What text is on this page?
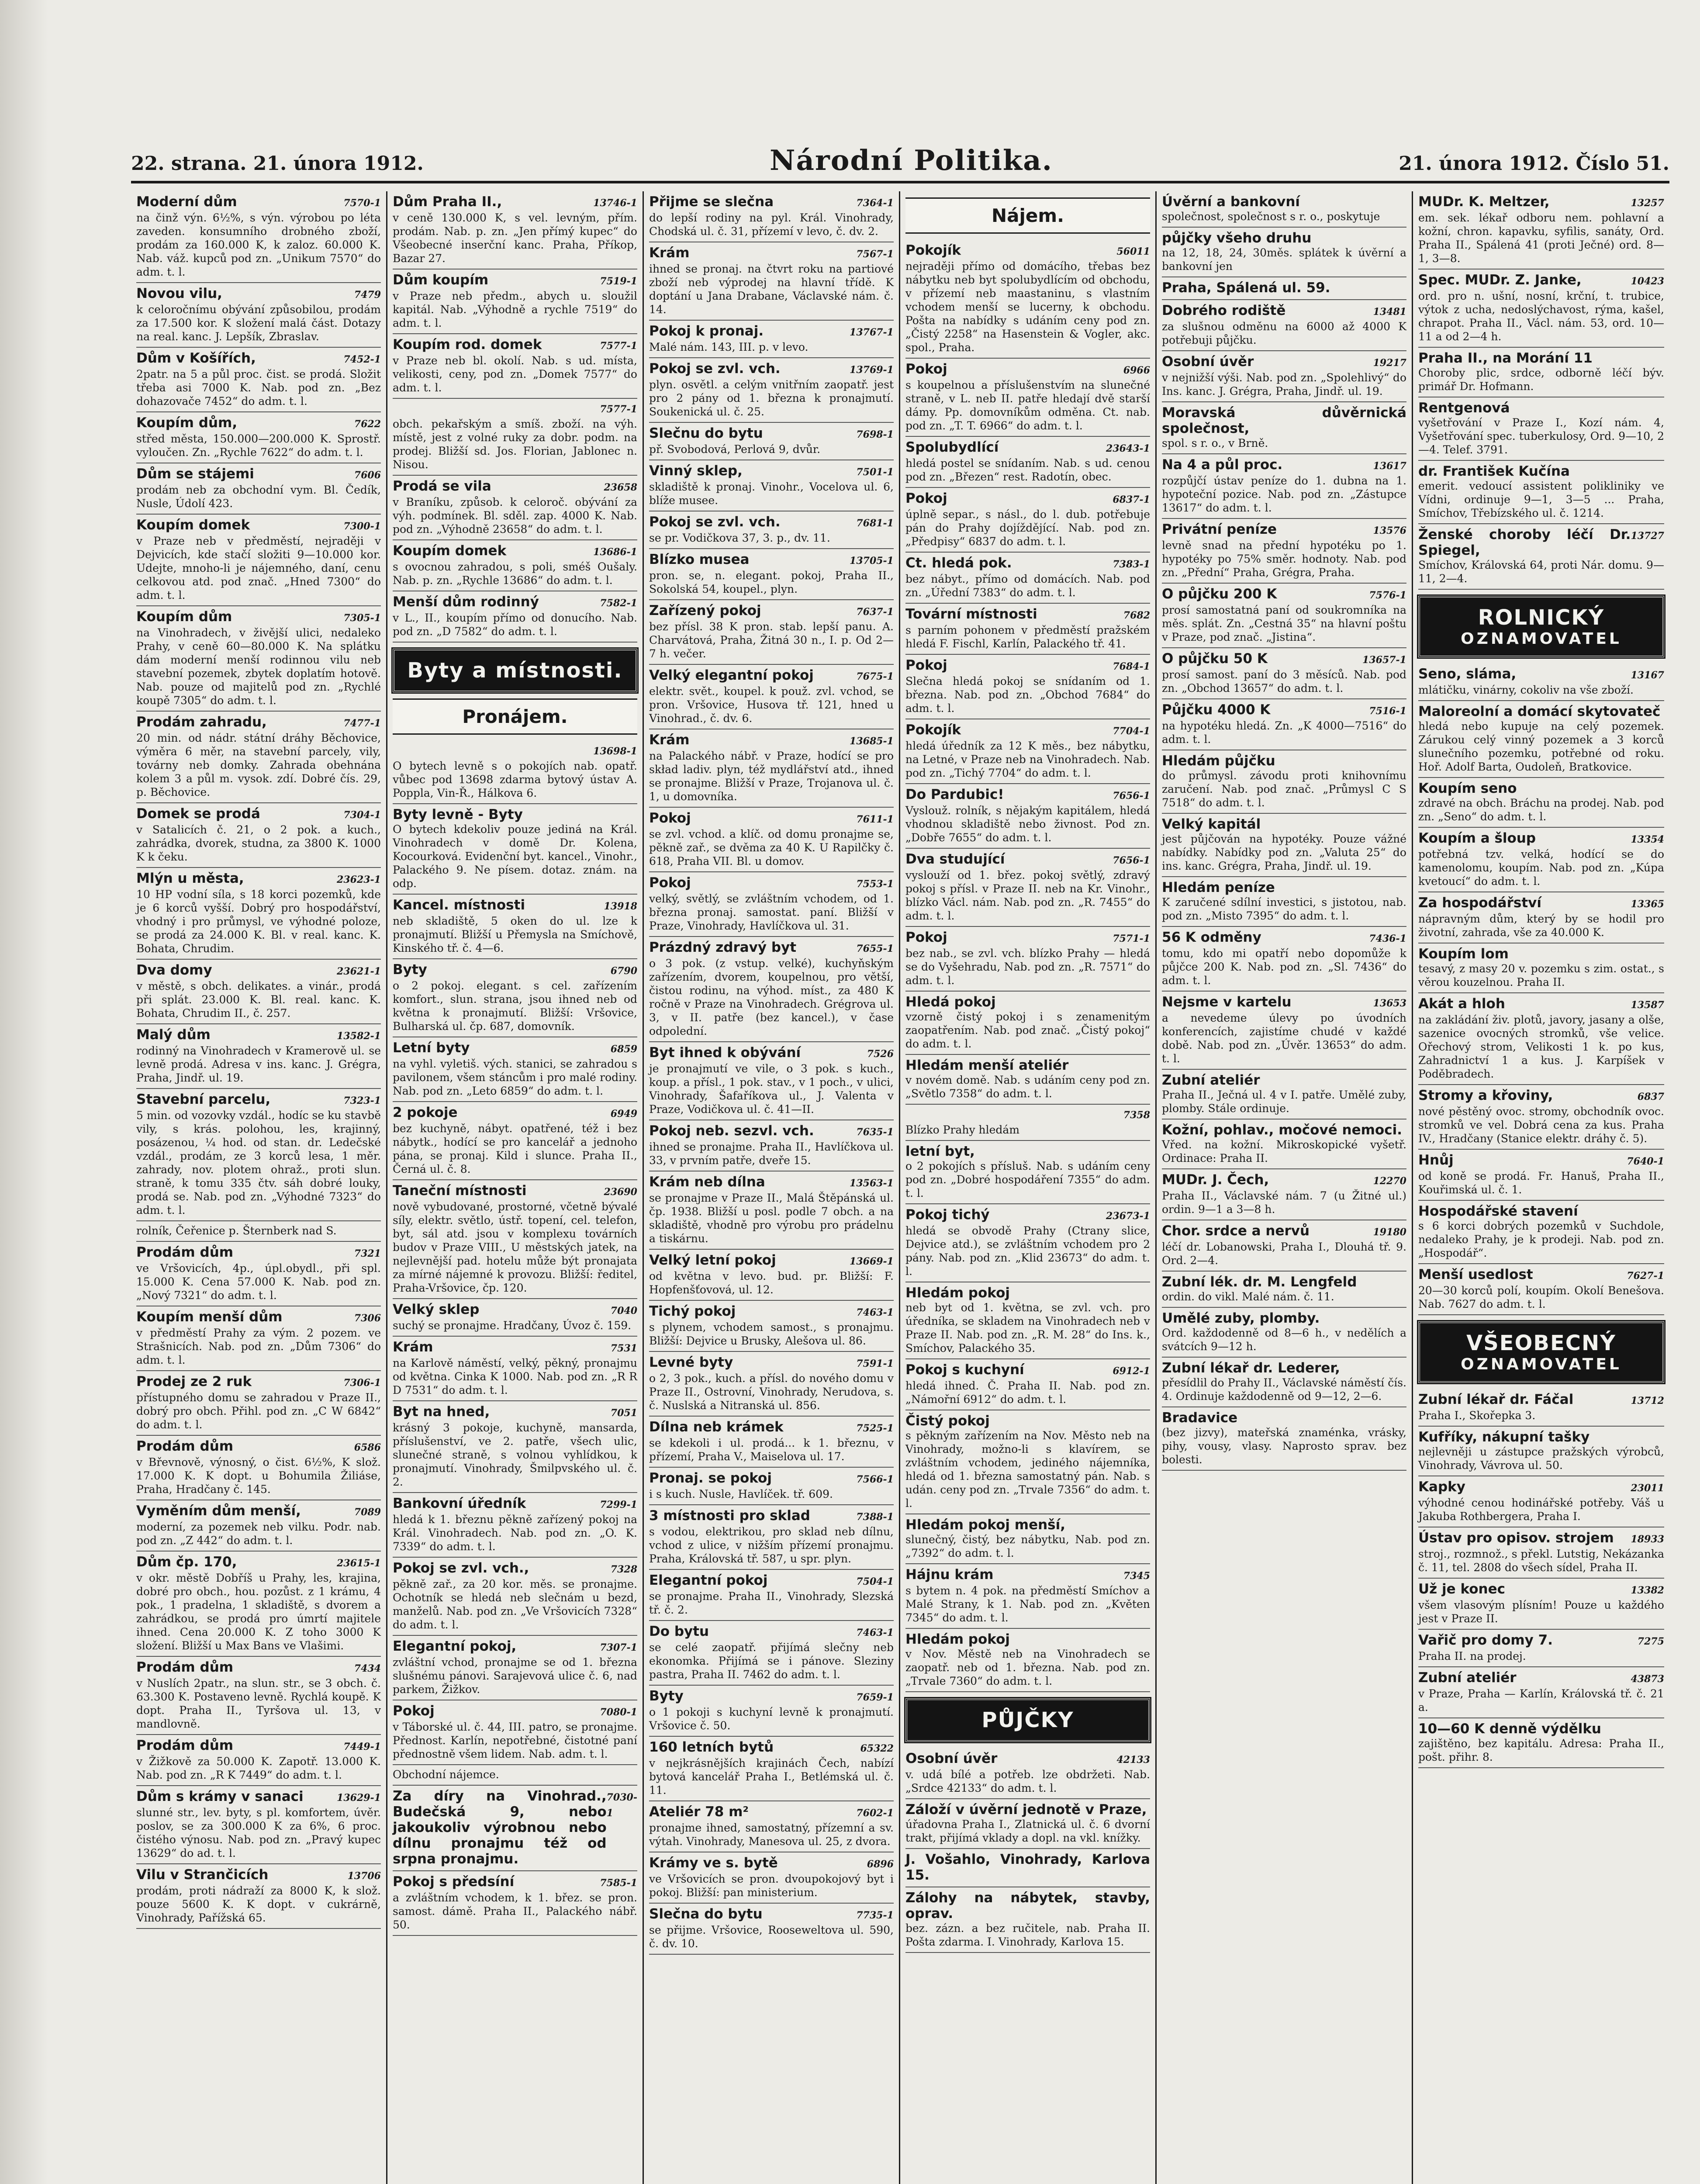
22. strana. 21. února 1912.	Národní Politika.	21. února 1912. Číslo 51.
Moderní dům	7570-1
na činž výn. 6½%, s výn. výrobou po léta zaveden. konsumního drobného zboží, prodám za 160.000 K, k zaloz. 60.000 K. Nab. váž. kupců pod zn. „Unikum 7570“ do adm. t. l.
Novou vilu,	7479
k celoročnímu obývání způsobilou, prodám za 17.500 kor. K složení malá část. Dotazy na real. kanc. J. Lepšík, Zbraslav.
Dům v Košířích,	7452-1
2patr. na 5 a půl proc. čist. se prodá. Složit třeba asi 7000 K. Nab. pod zn. „Bez dohazovače 7452“ do adm. t. l.
Koupím dům,	7622
střed města, 150.000—200.000 K. Sprostř. vyloučen. Zn. „Rychle 7622“ do adm. t. l.
Dům se stájemi	7606
prodám neb za obchodní vym. Bl. Čedík, Nusle, Údolí 423.
Koupím domek	7300-1
v Praze neb v předměstí, nejraději v Dejvicích, kde stačí složiti 9—10.000 kor. Udejte, mnoho-li je nájemného, daní, cenu celkovou atd. pod znač. „Hned 7300“ do adm. t. l.
Koupím dům	7305-1
na Vinohradech, v živější ulici, nedaleko Prahy, v ceně 60—80.000 K. Na splátku dám moderní menší rodinnou vilu neb stavební pozemek, zbytek doplatím hotově. Nab. pouze od majitelů pod zn. „Rychlé koupě 7305“ do adm. t. l.
Prodám zahradu,	7477-1
20 min. od nádr. státní dráhy Běchovice, výměra 6 měr, na stavební parcely, vily, továrny neb domky. Zahrada obehnána kolem 3 a půl m. vysok. zdí. Dobré čís. 29, p. Běchovice.
Domek se prodá	7304-1
v Satalicích č. 21, o 2 pok. a kuch., zahrádka, dvorek, studna, za 3800 K. 1000 K k čeku.
Mlýn u města,	23623-1
10 HP vodní síla, s 18 korci pozemků, kde je 6 korců vyšší. Dobrý pro hospodářství, vhodný i pro průmysl, ve výhodné poloze, se prodá za 24.000 K. Bl. v real. kanc. K. Bohata, Chrudim.
Dva domy	23621-1
v městě, s obch. delikates. a vinár., prodá při splát. 23.000 K. Bl. real. kanc. K. Bohata, Chrudim II., č. 257.
Malý dům	13582-1
rodinný na Vinohradech v Kramerově ul. se levně prodá. Adresa v ins. kanc. J. Grégra, Praha, Jindř. ul. 19.
Stavební parcelu,	7323-1
5 min. od vozovky vzdál., hodíc se ku stavbě vily, s krás. polohou, les, krajinný, posázenou, ¼ hod. od stan. dr. Ledečské vzdál., prodám, ze 3 korců lesa, 1 měr. zahrady, nov. plotem ohraž., proti slun. straně, k tomu 335 čtv. sáh dobré louky, prodá se. Nab. pod zn. „Výhodné 7323“ do adm. t. l.
rolník, Čeřenice p. Šternberk nad S.
Prodám dům	7321
ve Vršovicích, 4p., úpl.obydl., při spl. 15.000 K. Cena 57.000 K. Nab. pod zn. „Nový 7321“ do adm. t. l.
Koupím menší dům	7306
v předměstí Prahy za vým. 2 pozem. ve Strašnicích. Nab. pod zn. „Dům 7306“ do adm. t. l.
Prodej ze 2 ruk	7306-1
přístupného domu se zahradou v Praze II., dobrý pro obch. Přihl. pod zn. „C W 6842“ do adm. t. l.
Prodám dům	6586
v Břevnově, výnosný, o čist. 6½%, K slož. 17.000 K. K dopt. u Bohumila Žiliáse, Praha, Hradčany č. 145.
Vyměním dům menší,	7089
moderní, za pozemek neb vilku. Podr. nab. pod zn. „Z 442“ do adm. t. l.
Dům čp. 170,	23615-1
v okr. městě Dobříš u Prahy, les, krajina, dobré pro obch., hou. pozůst. z 1 krámu, 4 pok., 1 pradelna, 1 skladiště, s dvorem a zahrádkou, se prodá pro úmrtí majitele ihned. Cena 20.000 K. Z toho 3000 K složení. Bližší u Max Bans ve Vlašimi.
Prodám dům	7434
v Nuslích 2patr., na slun. str., se 3 obch. č. 63.300 K. Postaveno levně. Rychlá koupě. K dopt. Praha II., Tyršova ul. 13, v mandlovně.
Prodám dům	7449-1
v Žižkově za 50.000 K. Zapotř. 13.000 K. Nab. pod zn. „R K 7449“ do adm. t. l.
Dům s krámy v sanaci	13629-1
slunné str., lev. byty, s pl. komfortem, úvěr. poslov, se za 300.000 K za 6%, 6 proc. čistého výnosu. Nab. pod zn. „Pravý kupec 13629“ do ad. t. l.
Vilu v Strančicích	13706
prodám, proti nádraží za 8000 K, k slož. pouze 5600 K. K dopt. v cukrárně, Vinohrady, Pařížská 65.
Dům Praha II.,	13746-1
v ceně 130.000 K, s vel. levným, přím. prodám. Nab. p. zn. „Jen přímý kupec“ do Všeobecné inserční kanc. Praha, Příkop, Bazar 27.
Dům koupím	7519-1
v Praze neb předm., abych u. sloužil kapitál. Nab. „Výhodně a rychle 7519“ do adm. t. l.
Koupím rod. domek	7577-1
v Praze neb bl. okolí. Nab. s ud. místa, velikosti, ceny, pod zn. „Domek 7577“ do adm. t. l.
7577-1
obch. pekařským a smíš. zboží. na výh. místě, jest z volné ruky za dobr. podm. na prodej. Bližší sd. Jos. Florian, Jablonec n. Nisou.
Prodá se vila	23658
v Braníku, způsob. k celoroč. obývání za výh. podmínek. Bl. sděl. zap. 4000 K. Nab. pod zn. „Výhodně 23658“ do adm. t. l.
Koupím domek	13686-1
s ovocnou zahradou, s poli, sméš Oušaly. Nab. p. zn. „Rychle 13686“ do adm. t. l.
Menší dům rodinný	7582-1
v L., II., koupím přímo od donucího. Nab. pod zn. „D 7582“ do adm. t. l.
Byty a místnosti.
Pronájem.
13698-1
O bytech levně s o pokojích nab. opatř. vůbec pod 13698 zdarma bytový ústav A. Poppla, Vin-Ř., Hálkova 6.
Byty levně - Byty
O bytech kdekoliv pouze jediná na Král. Vinohradech v domě Dr. Kolena, Kocourková. Evidenční byt. kancel., Vinohr., Palackého 9. Ne písem. dotaz. znám. na odp.
Kancel. místnosti	13918
neb skladiště, 5 oken do ul. lze k pronajmutí. Bližší u Přemysla na Smíchově, Kinského tř. č. 4—6.
Byty	6790
o 2 pokoj. elegant. s cel. zařízením komfort., slun. strana, jsou ihned neb od května k pronajmutí. Bližší: Vršovice, Bulharská ul. čp. 687, domovník.
Letní byty	6859
na vyhl. vyletiš. vých. stanici, se zahradou s pavilonem, všem stáncům i pro malé rodiny. Nab. pod zn. „Leto 6859“ do adm. t. l.
2 pokoje	6949
bez kuchyně, nábyt. opatřené, též i bez nábytk., hodící se pro kancelář a jednoho pána, se pronaj. Kild i slunce. Praha II., Černá ul. č. 8.
Taneční místnosti	23690
nově vybudované, prostorné, včetně bývalé síly, elektr. světlo, ústř. topení, cel. telefon, byt, sál atd. jsou v komplexu továrních budov v Praze VIII., U městských jatek, na nejlevnější pad. hotelu může být pronajata za mírné nájemné k provozu. Bližší: ředitel, Praha-Vršovice, čp. 120.
Velký sklep	7040
suchý se pronajme. Hradčany, Úvoz č. 159.
Krám	7531
na Karlově náměstí, velký, pěkný, pronajmu od května. Cinka K 1000. Nab. pod zn. „R R D 7531“ do adm. t. l.
Byt na hned,	7051
krásný 3 pokoje, kuchyně, mansarda, příslušenství, ve 2. patře, všech ulic, slunečné straně, s volnou vyhlídkou, k pronajmutí. Vinohrady, Šmilpvského ul. č. 2.
Bankovní úředník	7299-1
hledá k 1. březnu pěkně zařízený pokoj na Král. Vinohradech. Nab. pod zn. „O. K. 7339“ do adm. t. l.
Pokoj se zvl. vch.,	7328
pěkně zař., za 20 kor. měs. se pronajme. Ochotník se hledá neb slečnám u bezd, manželů. Nab. pod zn. „Ve Vršovicích 7328“ do adm. t. l.
Elegantní pokoj,	7307-1
zvláštní vchod, pronajme se od 1. března slušnému pánovi. Sarajevová ulice č. 6, nad parkem, Žižkov.
Pokoj	7080-1
v Táborské ul. č. 44, III. patro, se pronajme. Přednost. Karlín, nepotřebné, čistotné paní přednostně všem lidem. Nab. adm. t. l.
Obchodní nájemce.
Za díry na Vinohrad., Budečská 9, nebo jakoukoliv výrobnou nebo dílnu pronajmu též od srpna pronajmu.
7030-1
Pokoj s předsíní	7585-1
a zvláštním vchodem, k 1. břez. se pron. samost. dámě. Praha II., Palackého nábř. 50.
Přijme se slečna	7364-1
do lepší rodiny na pyl. Král. Vinohrady, Chodská ul. č. 31, přízemí v levo, č. dv. 2.
Krám	7567-1
ihned se pronaj. na čtvrt roku na partiové zboží neb výprodej na hlavní třídě. K doptání u Jana Drabane, Václavské nám. č. 14.
Pokoj k pronaj.	13767-1
Malé nám. 143, III. p. v levo.
Pokoj se zvl. vch.	13769-1
plyn. osvětl. a celým vnitřním zaopatř. jest pro 2 pány od 1. března k pronajmutí. Soukenická ul. č. 25.
Slečnu do bytu	7698-1
př. Svobodová, Perlová 9, dvůr.
Vinný sklep,	7501-1
skladiště k pronaj. Vinohr., Vocelova ul. 6, blíže musee.
Pokoj se zvl. vch.	7681-1
se pr. Vodičkova 37, 3. p., dv. 11.
Blízko musea	13705-1
pron. se, n. elegant. pokoj, Praha II., Sokolská 54, koupel., plyn.
Zařízený pokoj	7637-1
bez přísl. 38 K pron. stab. lepší panu. A. Charvátová, Praha, Žitná 30 n., I. p. Od 2—7 h. večer.
Velký elegantní pokoj	7675-1
elektr. svět., koupel. k použ. zvl. vchod, se pron. Vršovice, Husova tř. 121, hned u Vinohrad., č. dv. 6.
Krám	13685-1
na Palackého nábř. v Praze, hodící se pro skład ladiv. plyn, též mydlářství atd., ihned se pronajme. Bližší v Praze, Trojanova ul. č. 1, u domovníka.
Pokoj	7611-1
se zvl. vchod. a klíč. od domu pronajme se, pěkně zař., se dvěma za 40 K. U Rapilčky č. 618, Praha VII. Bl. u domov.
Pokoj	7553-1
velký, světlý, se zvláštním vchodem, od 1. března pronaj. samostat. paní. Bližší v Praze, Vinohrady, Havlíčkova ul. 31.
Prázdný zdravý byt	7655-1
o 3 pok. (z vstup. velké), kuchyňským zařízením, dvorem, koupelnou, pro větší, čistou rodinu, na výhod. míst., za 480 K ročně v Praze na Vinohradech. Grégrova ul. 3, v II. patře (bez kancel.), v čase odpolední.
Byt ihned k obývání	7526
je pronajmutí ve vile, o 3 pok. s kuch., koup. a přísl., 1 pok. stav., v 1 poch., v ulici, Vinohrady, Šafaříkova ul., J. Valenta v Praze, Vodičkova ul. č. 41—II.
Pokoj neb. sezvl. vch.	7635-1
ihned se pronajme. Praha II., Havlíčkova ul. 33, v prvním patře, dveře 15.
Krám neb dílna	13563-1
se pronajme v Praze II., Malá Štěpánská ul. čp. 1938. Bližší u posl. podle 7 obch. a na skladiště, vhodně pro výrobu pro prádelnu a tiskárnu.
Velký letní pokoj	13669-1
od května v levo. bud. pr. Bližší: F. Hopfenšťovová, ul. 12.
Tichý pokoj	7463-1
s plynem, vchodem samost., s pronajmu. Bližší: Dejvice u Brusky, Alešova ul. 86.
Levné byty	7591-1
o 2, 3 pok., kuch. a přísl. do nového domu v Praze II., Ostrovní, Vinohrady, Nerudova, s. č. Nuslská a Nitranská ul. 856.
Dílna neb krámek	7525-1
se kdekoli i ul. prodá... k 1. březnu, v přízemí, Praha V., Maiselova ul. 17.
Pronaj. se pokoj	7566-1
i s kuch. Nusle, Havlíček. tř. 609.
3 místnosti pro sklad	7388-1
s vodou, elektrikou, pro sklad neb dílnu, vchod z ulice, v nižším přízemí pronajmu. Praha, Královská tř. 587, u spr. plyn.
Elegantní pokoj	7504-1
se pronajme. Praha II., Vinohrady, Slezská tř. č. 2.
Do bytu	7463-1
se celé zaopatř. přijímá slečny neb ekonomka. Přijímá se i pánove. Sleziny pastra, Praha II. 7462 do adm. t. l.
Byty	7659-1
o 1 pokoji s kuchyní levně k pronajmutí. Vršovice č. 50.
160 letních bytů	65322
v nejkrásnějších krajinách Čech, nabízí bytová kancelář Praha I., Betlémská ul. č. 11.
Ateliér 78 m²	7602-1
pronajme ihned, samostatný, přízemní a sv. výtah. Vinohrady, Manesova ul. 25, z dvora.
Krámy ve s. bytě	6896
ve Vršovicích se pron. dvoupokojový byt i pokoj. Bližší: pan ministerium.
Slečna do bytu	7735-1
se přijme. Vršovice, Rooseweltova ul. 590, č. dv. 10.
Nájem.
Pokojík	56011
nejraději přímo od domácího, třebas bez nábytku neb byt spolubydlícím od obchodu, v přízemí neb maastaninu, s vlastním vchodem menší se lucerny, k obchodu. Pošta na nabídky s udáním ceny pod zn. „Čistý 2258“ na Hasenstein & Vogler, akc. spol., Praha.
Pokoj	6966
s koupelnou a příslušenstvím na slunečné straně, v L. neb II. patře hledají dvě starší dámy. Pp. domovníkům odměna. Ct. nab. pod zn. „T. T. 6966“ do adm. t. l.
Spolubydlící	23643-1
hledá postel se snídaním. Nab. s ud. cenou pod zn. „Březen“ rest. Radotín, obec.
Pokoj	6837-1
úplně separ., s násl., do l. dub. potřebuje pán do Prahy dojíždějící. Nab. pod zn. „Předpisy“ 6837 do adm. t. l.
Ct. hledá pok.	7383-1
bez nábyt., přímo od domácích. Nab. pod zn. „Úřední 7383“ do adm. t. l.
Tovární místnosti	7682
s parním pohonem v předměstí pražském hledá F. Fischl, Karlín, Palackého tř. 41.
Pokoj	7684-1
Slečna hledá pokoj se snídaním od 1. března. Nab. pod zn. „Obchod 7684“ do adm. t. l.
Pokojík	7704-1
hledá úředník za 12 K měs., bez nábytku, na Letné, v Praze neb na Vinohradech. Nab. pod zn. „Tichý 7704“ do adm. t. l.
Do Pardubic!	7656-1
Vyslouž. rolník, s nějakým kapitálem, hledá vhodnou skladiště nebo živnost. Pod zn. „Dobře 7655“ do adm. t. l.
Dva studující	7656-1
vyslouží od 1. břez. pokoj světlý, zdravý pokoj s přísl. v Praze II. neb na Kr. Vinohr., blízko Václ. nám. Nab. pod zn. „R. 7455“ do adm. t. l.
Pokoj	7571-1
bez nab., se zvl. vch. blízko Prahy — hledá se do Vyšehradu, Nab. pod zn. „R. 7571“ do adm. t. l.
Hledá pokoj
vzorně čistý pokoj i s zenamenitým zaopatřením. Nab. pod znač. „Čistý pokoj“ do adm. t. l.
Hledám menší ateliér
v novém domě. Nab. s udáním ceny pod zn. „Světlo 7358“ do adm. t. l.
7358
Blízko Prahy hledám
letní byt,
o 2 pokojích s přísluš. Nab. s udáním ceny pod zn. „Dobré hospodáření 7355“ do adm. t. l.
Pokoj tichý	23673-1
hledá se obvodě Prahy (Ctrany slice, Dejvice atd.), se zvláštním vchodem pro 2 pány. Nab. pod zn. „Klid 23673“ do adm. t. l.
Hledám pokoj
neb byt od 1. května, se zvl. vch. pro úředníka, se skladem na Vinohradech neb v Praze II. Nab. pod zn. „R. M. 28“ do Ins. k., Smíchov, Palackého 35.
Pokoj s kuchyní	6912-1
hledá ihned. Č. Praha II. Nab. pod zn. „Námořní 6912“ do adm. t. l.
Čistý pokoj
s pěkným zařízením na Nov. Město neb na Vinohrady, možno-li s klavírem, se zvláštním vchodem, jediného nájemníka, hledá od 1. března samostatný pán. Nab. s udán. ceny pod zn. „Trvale 7356“ do adm. t. l.
Hledám pokoj menší,
slunečný, čistý, bez nábytku, Nab. pod zn. „7392“ do adm. t. l.
Hájnu krám	7345
s bytem n. 4 pok. na předměstí Smíchov a Malé Strany, k 1. Nab. pod zn. „Květen 7345“ do adm. t. l.
Hledám pokoj
v Nov. Městě neb na Vinohradech se zaopatř. neb od 1. března. Nab. pod zn. „Trvale 7360“ do adm. t. l.
PŮJČKY
Osobní úvěr	42133
v. udá bílé a potřeb. lze obdržeti. Nab. „Srdce 42133“ do adm. t. l.
Záloží v úvěrní jednotě v Praze,
úřadovna Praha I., Zlatnická ul. č. 6 dvorní trakt, přijímá vklady a dopl. na vkl. knížky.
J. Vošahlo, Vinohrady, Karlova 15.
Zálohy na nábytek, stavby, oprav.
bez. zázn. a bez ručitele, nab. Praha II. Pošta zdarma. I. Vinohrady, Karlova 15.
Úvěrní a bankovní
společnost, společnost s r. o., poskytuje
půjčky všeho druhu
na 12, 18, 24, 30měs. splátek k úvěrní a bankovní jen
Praha, Spálená ul. 59.
Dobrého rodiště	13481
za slušnou odměnu na 6000 až 4000 K potřebuji půjčku.
Osobní úvěr	19217
v nejnižší výši. Nab. pod zn. „Spolehlivý“ do Ins. kanc. J. Grégra, Praha, Jindř. ul. 19.
Moravská důvěrnická společnost,
spol. s r. o., v Brně.
Na 4 a půl proc.	13617
rozpůjčí ústav peníze do 1. dubna na 1. hypoteční pozice. Nab. pod zn. „Zástupce 13617“ do adm. t. l.
Privátní peníze	13576
levně snad na přední hypotéku po 1. hypotéky po 75% směr. hodnoty. Nab. pod zn. „Přední“ Praha, Grégra, Praha.
O půjčku 200 K	7576-1
prosí samostatná paní od soukromníka na měs. splát. Zn. „Cestná 35“ na hlavní poštu v Praze, pod znač. „Jistina“.
O půjčku 50 K	13657-1
prosí samost. paní do 3 měsíců. Nab. pod zn. „Obchod 13657“ do adm. t. l.
Půjčku 4000 K	7516-1
na hypotéku hledá. Zn. „K 4000—7516“ do adm. t. l.
Hledám půjčku
do průmysl. závodu proti knihovnímu zaručení. Nab. pod znač. „Průmysl C S 7518“ do adm. t. l.
Velký kapitál
jest půjčován na hypotéky. Pouze vážné nabídky. Nabídky pod zn. „Valuta 25“ do ins. kanc. Grégra, Praha, Jindř. ul. 19.
Hledám peníze
K zaručené sdílní investici, s jistotou, nab. pod zn. „Misto 7395“ do adm. t. l.
56 K odměny	7436-1
tomu, kdo mi opatří nebo dopomůže k půjčce 200 K. Nab. pod zn. „Sl. 7436“ do adm. t. l.
Nejsme v kartelu	13653
a nevedeme úlevy po úvodních konferencích, zajistíme chudé v každé době. Nab. pod zn. „Úvěr. 13653“ do adm. t. l.
Zubní ateliér
Praha II., Ječná ul. 4 v I. patře. Umělé zuby, plomby. Stále ordinuje.
Kožní, pohlav., močové nemoci.
Vřed. na kožní. Mikroskopické vyšetř. Ordinace: Praha II.
MUDr. J. Čech,	12270
Praha II., Václavské nám. 7 (u Žitné ul.) ordin. 9—1 a 3—8 h.
Chor. srdce a nervů	19180
léčí dr. Lobanowski, Praha I., Dlouhá tř. 9. Ord. 2—4.
Zubní lék. dr. M. Lengfeld
ordin. do vikl. Malé nám. č. 11.
Umělé zuby, plomby.
Ord. každodenně od 8—6 h., v nedělích a svátcích 9—12 h.
Zubní lékař dr. Lederer,
přesídlil do Prahy II., Václavské náměstí čís. 4. Ordinuje každodenně od 9—12, 2—6.
Bradavice
(bez jizvy), mateřská znaménka, vrásky, pihy, vousy, vlasy. Naprosto sprav. bez bolesti.
MUDr. K. Meltzer,	13257
em. sek. lékař odboru nem. pohlavní a kožní, chron. kapavku, syfilis, sanáty, Ord. Praha II., Spálená 41 (proti Ječné) ord. 8—1, 3—8.
Spec. MUDr. Z. Janke,	10423
ord. pro n. ušní, nosní, krční, t. trubice, výtok z ucha, nedoslýchavost, rýma, kašel, chrapot. Praha II., Václ. nám. 53, ord. 10—11 a od 2—4 h.
Praha II., na Morání 11
Choroby plic, srdce, odborně léčí býv. primář Dr. Hofmann.
Rentgenová
vyšetřování v Praze I., Kozí nám. 4, Vyšetřování spec. tuberkulosy, Ord. 9—10, 2—4. Telef. 3791.
dr. František Kučína
emerit. vedoucí assistent polikliniky ve Vídni, ordinuje 9—1, 3—5 ... Praha, Smíchov, Třebízského ul. č. 1214.
Ženské choroby léčí Dr. Spiegel,
13727
Smíchov, Královská 64, proti Nár. domu. 9—11, 2—4.
ROLNICKÝ
OZNAMOVATEL
Seno, sláma,	13167
mlátičku, vinárny, cokoliv na vše zboží.
Maloreolní a domácí skytovateč
hledá nebo kupuje na celý pozemek. Zárukou celý vinný pozemek a 3 korců slunečního pozemku, potřebné od roku. Hoř. Adolf Barta, Oudoleň, Bratkovice.
Koupím seno
zdravé na obch. Bráchu na prodej. Nab. pod zn. „Seno“ do adm. t. l.
Koupím a šloup	13354
potřebná tzv. velká, hodící se do kamenolomu, koupím. Nab. pod zn. „Kúpa kvetoucí“ do adm. t. l.
Za hospodářství	13365
nápravným dům, který by se hodil pro životní, zahrada, vše za 40.000 K.
Koupím lom
tesavý, z masy 20 v. pozemku s zim. ostat., s věrou kouzelnou. Praha II.
Akát a hloh	13587
na zakládání živ. plotů, javory, jasany a olše, sazenice ovocných stromků, vše velice. Ořechový strom, Velikosti 1 k. po kus, Zahradnictví 1 a kus. J. Karpíšek v Poděbradech.
Stromy a křoviny,	6837
nové pěstěný ovoc. stromy, obchodník ovoc. stromků ve vel. Dobrá cena za kus. Praha IV., Hradčany (Stanice elektr. dráhy č. 5).
Hnůj	7640-1
od koně se prodá. Fr. Hanuš, Praha II., Kouřimská ul. č. 1.
Hospodářské stavení
s 6 korci dobrých pozemků v Suchdole, nedaleko Prahy, je k prodeji. Nab. pod zn. „Hospodář“.
Menší usedlost	7627-1
20—30 korců polí, koupím. Okolí Benešova. Nab. 7627 do adm. t. l.
VŠEOBECNÝ
OZNAMOVATEL
Zubní lékař dr. Fáčal	13712
Praha I., Skořepka 3.
Kufříky, nákupní tašky
nejlevněji u zástupce pražských výrobců, Vinohrady, Vávrova ul. 50.
Kapky	23011
výhodné cenou hodinářské potřeby. Váš u Jakuba Rothbergera, Praha I.
Ústav pro opisov. strojem 18933
stroj., rozmnož., s překl. Lutstig, Nekázanka č. 11, tel. 2808 do všech sídel, Praha II.
Už je konec	13382
všem vlasovým plísním! Pouze u každého jest v Praze II.
Vařič pro domy 7.	7275
Praha II. na prodej.
Zubní ateliér	43873
v Praze, Praha — Karlín, Královská tř. č. 21 a.
10—60 K denně výdělku
zajištěno, bez kapitálu. Adresa: Praha II., pošt. přihr. 8.
